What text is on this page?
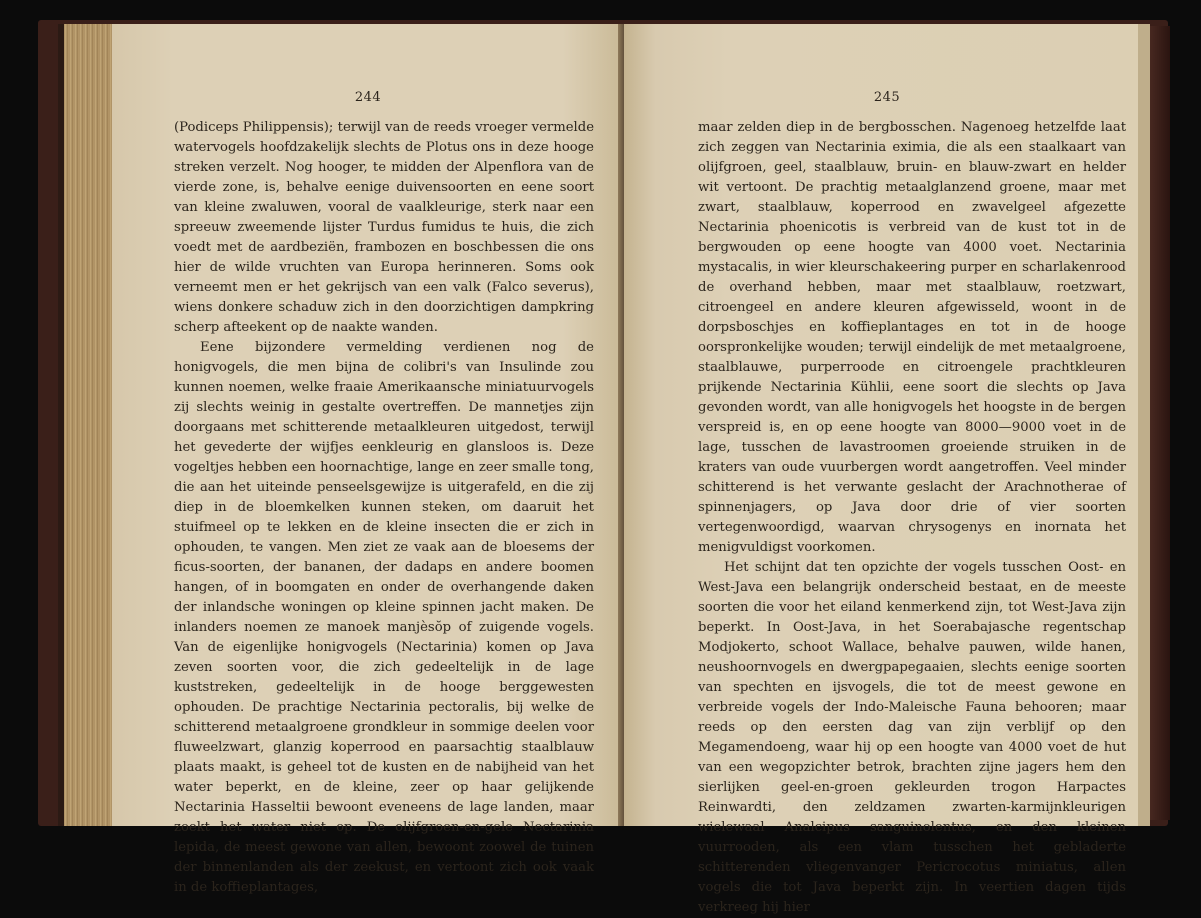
244

(Podiceps Philippensis); terwijl van de reeds vroeger vermelde watervogels hoofdzakelijk slechts de Plotus ons in deze hooge streken verzelt. Nog hooger, te midden der Alpenflora van de vierde zone, is, behalve eenige duivensoorten en eene soort van kleine zwaluwen, vooral de vaalkleurige, sterk naar een spreeuw zweemende lijster Turdus fumidus te huis, die zich voedt met de aardbeziën, frambozen en boschbessen die ons hier de wilde vruchten van Europa herinneren. Soms ook verneemt men er het gekrijsch van een valk (Falco severus), wiens donkere schaduw zich in den doorzichtigen dampkring scherp afteekent op de naakte wanden.

Eene bijzondere vermelding verdienen nog de honigvogels, die men bijna de colibri's van Insulinde zou kunnen noemen, welke fraaie Amerikaansche miniatuurvogels zij slechts weinig in gestalte overtreffen. De mannetjes zijn doorgaans met schitterende metaalkleuren uitgedost, terwijl het gevederte der wijfjes eenkleurig en glansloos is. Deze vogeltjes hebben een hoornachtige, lange en zeer smalle tong, die aan het uiteinde penseelsgewijze is uitgerafeld, en die zij diep in de bloemkelken kunnen steken, om daaruit het stuifmeel op te lekken en de kleine insecten die er zich in ophouden, te vangen. Men ziet ze vaak aan de bloesems der ficus-soorten, der bananen, der dadaps en andere boomen hangen, of in boomgaten en onder de overhangende daken der inlandsche woningen op kleine spinnen jacht maken. De inlanders noemen ze manoek manjèsŏp of zuigende vogels. Van de eigenlijke honigvogels (Nectarinia) komen op Java zeven soorten voor, die zich gedeeltelijk in de lage kuststreken, gedeeltelijk in de hooge berggewesten ophouden. De prachtige Nectarinia pectoralis, bij welke de schitterend metaalgroene grondkleur in sommige deelen voor fluweelzwart, glanzig koperrood en paarsachtig staalblauw plaats maakt, is geheel tot de kusten en de nabijheid van het water beperkt, en de kleine, zeer op haar gelijkende Nectarinia Hasseltii bewoont eveneens de lage landen, maar zoekt het water niet op. De olijfgroen-en-gele Nectarinia lepida, de meest gewone van allen, bewoont zoowel de tuinen der binnenlanden als der zeekust, en vertoont zich ook vaak in de koffieplantages,

245

maar zelden diep in de bergbosschen. Nagenoeg hetzelfde laat zich zeggen van Nectarinia eximia, die als een staalkaart van olijfgroen, geel, staalblauw, bruin- en blauw-zwart en helder wit vertoont. De prachtig metaalglanzend groene, maar met zwart, staalblauw, koperrood en zwavelgeel afgezette Nectarinia phoenicotis is verbreid van de kust tot in de bergwouden op eene hoogte van 4000 voet. Nectarinia mystacalis, in wier kleurschakeering purper en scharlakenrood de overhand hebben, maar met staalblauw, roetzwart, citroengeel en andere kleuren afgewisseld, woont in de dorpsboschjes en koffieplantages en tot in de hooge oorspronkelijke wouden; terwijl eindelijk de met metaalgroene, staalblauwe, purperroode en citroengele prachtkleuren prijkende Nectarinia Kühlii, eene soort die slechts op Java gevonden wordt, van alle honigvogels het hoogste in de bergen verspreid is, en op eene hoogte van 8000—9000 voet in de lage, tusschen de lavastroomen groeiende struiken in de kraters van oude vuurbergen wordt aangetroffen. Veel minder schitterend is het verwante geslacht der Arachnotherae of spinnenjagers, op Java door drie of vier soorten vertegenwoordigd, waarvan chrysogenys en inornata het menigvuldigst voorkomen.

Het schijnt dat ten opzichte der vogels tusschen Oost- en West-Java een belangrijk onderscheid bestaat, en de meeste soorten die voor het eiland kenmerkend zijn, tot West-Java zijn beperkt. In Oost-Java, in het Soerabajasche regentschap Modjokerto, schoot Wallace, behalve pauwen, wilde hanen, neushoornvogels en dwergpapegaaien, slechts eenige soorten van spechten en ijsvogels, die tot de meest gewone en verbreide vogels der Indo-Maleische Fauna behooren; maar reeds op den eersten dag van zijn verblijf op den Megamendoeng, waar hij op een hoogte van 4000 voet de hut van een wegopzichter betrok, brachten zijne jagers hem den sierlijken geel-en-groen gekleurden trogon Harpactes Reinwardti, den zeldzamen zwarten-karmijnkleurigen wielewaal Analcipus sanguinolentus, en den kleinen vuurrooden, als een vlam tusschen het gebladerte schitterenden vliegenvanger Pericrocotus miniatus, allen vogels die tot Java beperkt zijn. In veertien dagen tijds verkreeg hij hier
